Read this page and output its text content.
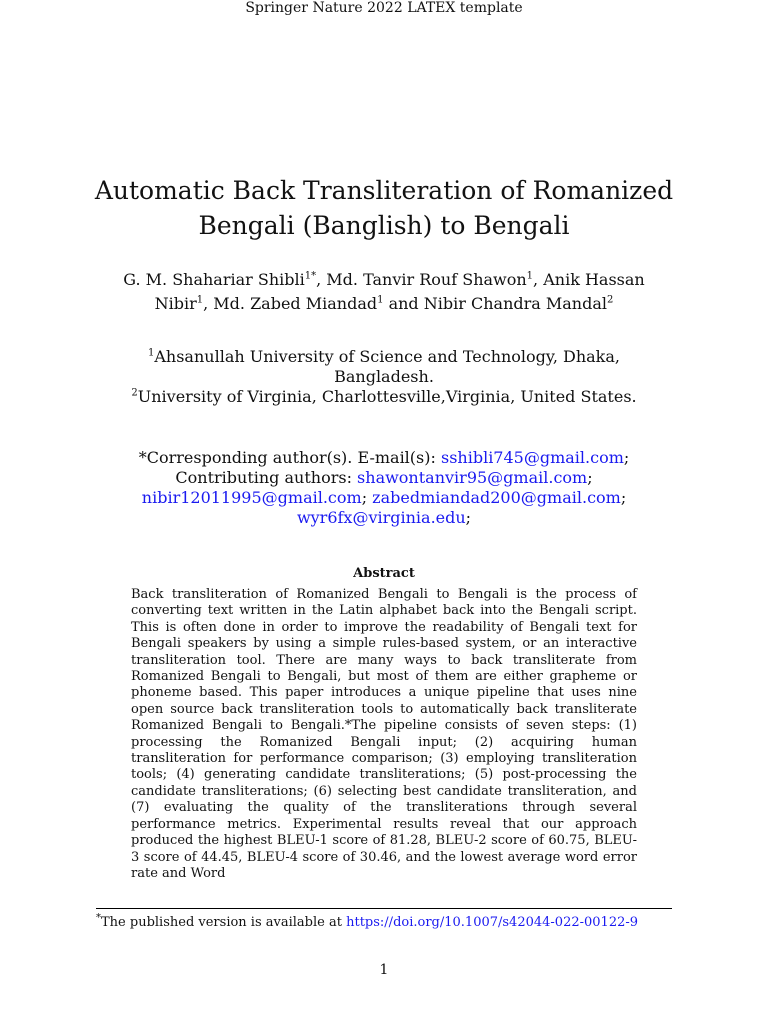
Springer Nature 2022 LATEX template
Automatic Back Transliteration of Romanized Bengali (Banglish) to Bengali
G. M. Shahariar Shibli$^{1*}$, Md. Tanvir Rouf Shawon$^1$, Anik Hassan Nibir$^1$, Md. Zabed Miandad$^1$ and Nibir Chandra Mandal$^2$
$^1$Ahsanullah University of Science and Technology, Dhaka, Bangladesh.
$^2$University of Virginia, Charlottesville,Virginia, United States.
*Corresponding author(s). E-mail(s): sshibli745@gmail.com; Contributing authors: shawontanvir95@gmail.com; nibir12011995@gmail.com; zabedmiandad200@gmail.com; wyr6fx@virginia.edu;
Abstract
Back transliteration of Romanized Bengali to Bengali is the process of converting text written in the Latin alphabet back into the Bengali script. This is often done in order to improve the readability of Bengali text for Bengali speakers by using a simple rules-based system, or an interactive transliteration tool. There are many ways to back transliterate from Romanized Bengali to Bengali, but most of them are either grapheme or phoneme based. This paper introduces a unique pipeline that uses nine open source back transliteration tools to automatically back transliterate Romanized Bengali to Bengali.*The pipeline consists of seven steps: (1) processing the Romanized Bengali input; (2) acquiring human transliteration for performance comparison; (3) employing transliteration tools; (4) generating candidate transliterations; (5) post-processing the candidate transliterations; (6) selecting best candidate transliteration, and (7) evaluating the quality of the transliterations through several performance metrics. Experimental results reveal that our approach produced the highest BLEU-1 score of 81.28, BLEU-2 score of 60.75, BLEU-3 score of 44.45, BLEU-4 score of 30.46, and the lowest average word error rate and Word
*The published version is available at https://doi.org/10.1007/s42044-022-00122-9
1
